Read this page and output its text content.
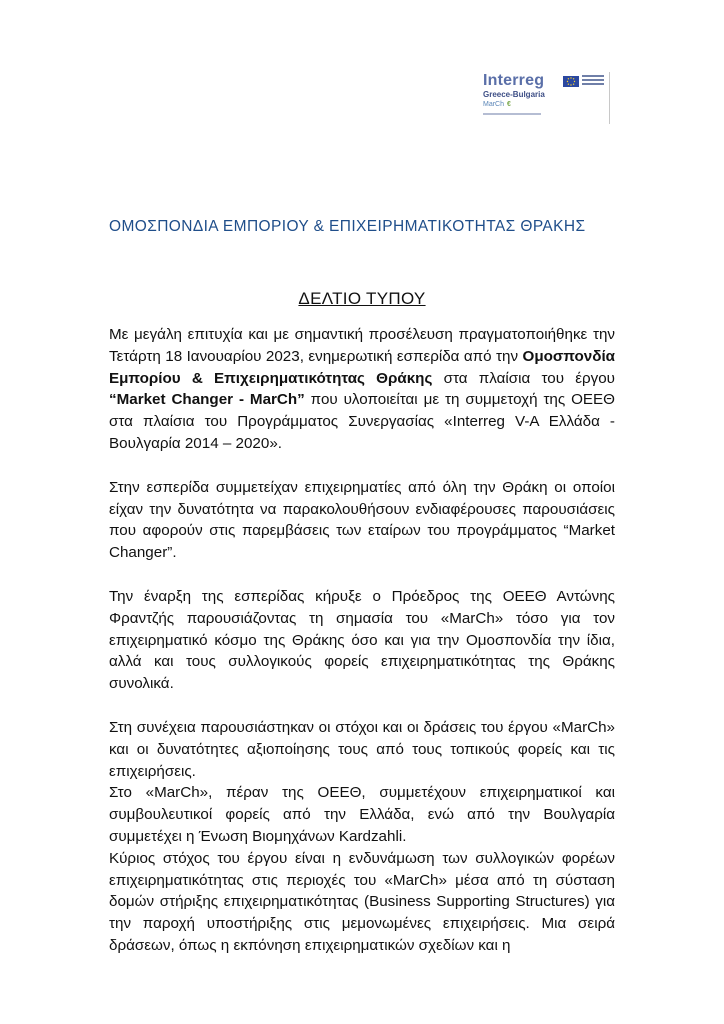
Interreg
Greece-Bulgaria
MarCh €
ΟΜΟΣΠΟΝΔΙΑ ΕΜΠΟΡΙΟΥ & ΕΠΙΧΕΙΡΗΜΑΤΙΚΟΤΗΤΑΣ ΘΡΑΚΗΣ
ΔΕΛΤΙΟ ΤΥΠΟΥ

Με μεγάλη επιτυχία και με σημαντική προσέλευση πραγματοποιήθηκε την Τετάρτη 18 Ιανουαρίου 2023, ενημερωτική εσπερίδα από την Ομοσπονδία Εμπορίου & Επιχειρηματικότητας Θράκης στα πλαίσια του έργου “Market Changer - MarCh” που υλοποιείται με τη συμμετοχή της ΟΕΕΘ στα πλαίσια του Προγράμματος Συνεργασίας «Interreg V-A Ελλάδα - Βουλγαρία 2014 – 2020».

Στην εσπερίδα συμμετείχαν επιχειρηματίες από όλη την Θράκη οι οποίοι είχαν την δυνατότητα να παρακολουθήσουν ενδιαφέρουσες παρουσιάσεις που αφορούν στις παρεμβάσεις των εταίρων του προγράμματος “Market Changer”.

Την έναρξη της εσπερίδας κήρυξε ο Πρόεδρος της ΟΕΕΘ Αντώνης Φραντζής παρουσιάζοντας τη σημασία του «MarCh» τόσο για τον επιχειρηματικό κόσμο της Θράκης όσο και για την Ομοσπονδία την ίδια, αλλά και τους συλλογικούς φορείς επιχειρηματικότητας της Θράκης συνολικά.

Στη συνέχεια παρουσιάστηκαν οι στόχοι και οι δράσεις του έργου «MarCh» και οι δυνατότητες αξιοποίησης τους από τους τοπικούς φορείς και τις επιχειρήσεις.

Στο «MarCh», πέραν της ΟΕΕΘ, συμμετέχουν επιχειρηματικοί και συμβουλευτικοί φορείς από την Ελλάδα, ενώ από την Βουλγαρία συμμετέχει η Ένωση Βιομηχάνων Kardzahli.

Κύριος στόχος του έργου είναι η ενδυνάμωση των συλλογικών φορέων επιχειρηματικότητας στις περιοχές του «MarCh» μέσα από τη σύσταση δομών στήριξης επιχειρηματικότητας (Business Supporting Structures) για την παροχή υποστήριξης στις μεμονωμένες επιχειρήσεις. Μια σειρά δράσεων, όπως η εκπόνηση επιχειρηματικών σχεδίων και η
